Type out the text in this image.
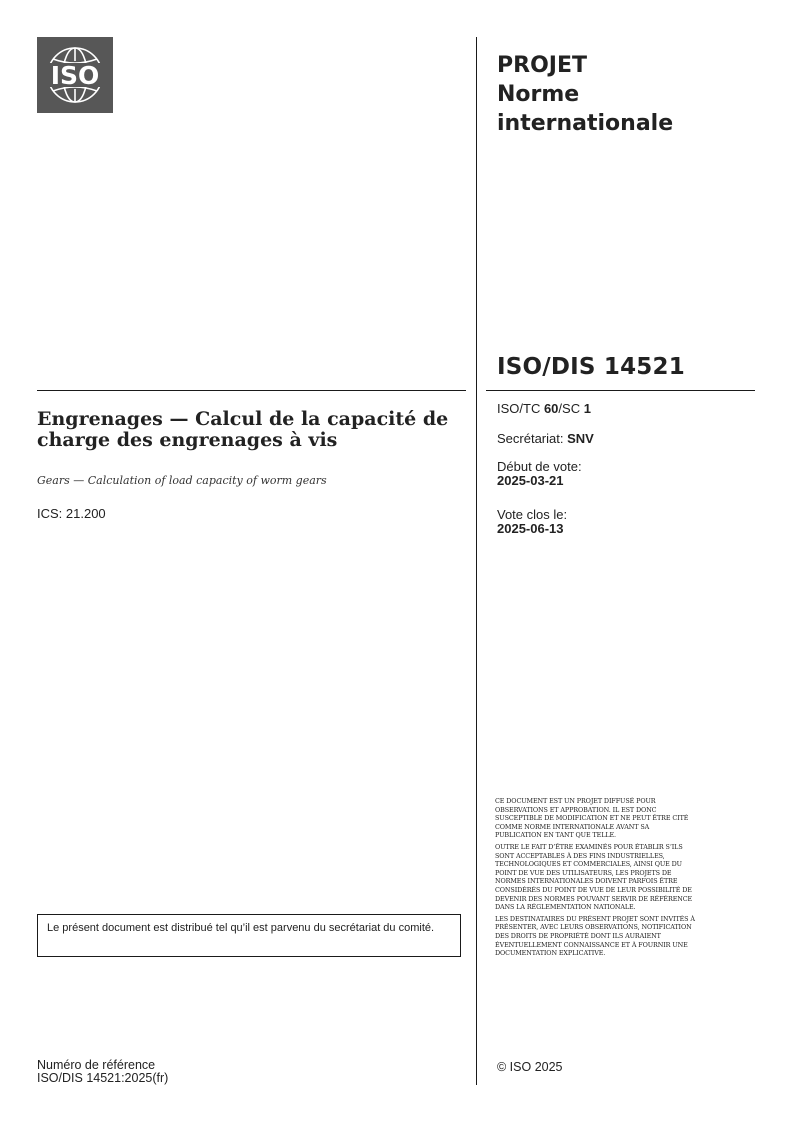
ISO	PROJET
Norme
internationale
ISO/DIS 14521
ISO/TC 60/SC 1
Secrétariat: SNV
Début de vote:
2025-03-21
Vote clos le:
2025-06-13
Engrenages — Calcul de la capacité de charge des engrenages à vis
Gears — Calculation of load capacity of worm gears
ICS: 21.200
Le présent document est distribué tel qu’il est parvenu du secrétariat du comité.
Numéro de référence
ISO/DIS 14521:2025(fr)

CE DOCUMENT EST UN PROJET DIFFUSÉ POUR OBSERVATIONS ET APPROBATION. IL EST DONC SUSCEPTIBLE DE MODIFICATION ET NE PEUT ÊTRE CITÉ COMME NORME INTERNATIONALE AVANT SA PUBLICATION EN TANT QUE TELLE.

OUTRE LE FAIT D’ÊTRE EXAMINÉS POUR ÉTABLIR S’ILS SONT ACCEPTABLES À DES FINS INDUSTRIELLES, TECHNOLOGIQUES ET COMMERCIALES, AINSI QUE DU POINT DE VUE DES UTILISATEURS, LES PROJETS DE NORMES INTERNATIONALES DOIVENT PARFOIS ÊTRE CONSIDÉRÉS DU POINT DE VUE DE LEUR POSSIBILITÉ DE DEVENIR DES NORMES POUVANT SERVIR DE RÉFÉRENCE DANS LA RÉGLEMENTATION NATIONALE.

LES DESTINATAIRES DU PRÉSENT PROJET SONT INVITÉS À PRÉSENTER, AVEC LEURS OBSERVATIONS, NOTIFICATION DES DROITS DE PROPRIÉTÉ DONT ILS AURAIENT ÉVENTUELLEMENT CONNAISSANCE ET À FOURNIR UNE DOCUMENTATION EXPLICATIVE.

© ISO 2025
